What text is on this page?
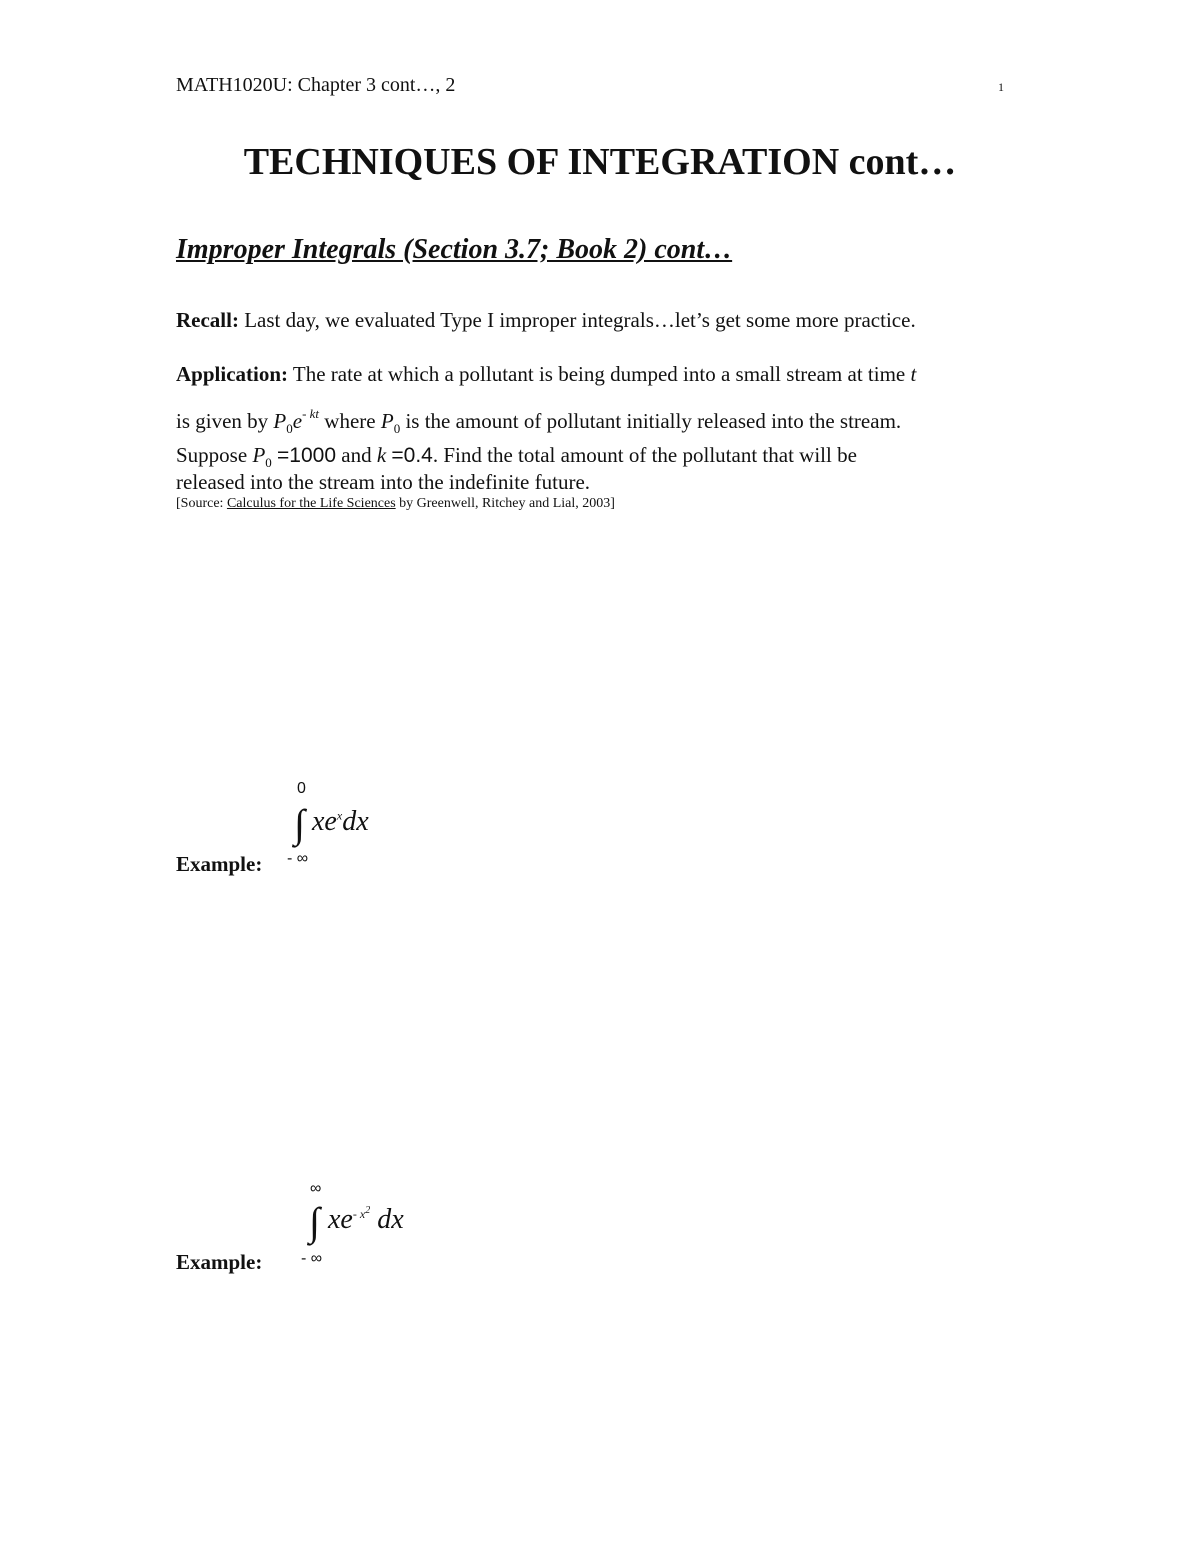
MATH1020U: Chapter 3 cont…, 2	1
TECHNIQUES OF INTEGRATION cont…
Improper Integrals (Section 3.7; Book 2) cont…
Recall: Last day, we evaluated Type I improper integrals…let’s get some more practice.
Application: The rate at which a pollutant is being dumped into a small stream at time t
is given by $P_0e^{- kt}$ where $P_0$ is the amount of pollutant initially released into the stream.
Suppose $P_0 =1000$ and k =0.4. Find the total amount of the pollutant that will be
released into the stream into the indefinite future.
[Source: Calculus for the Life Sciences by Greenwell, Ritchey and Lial, 2003]
Example:
0
∫ $xe^xdx$
- ∞
Example:
∞
∫ $xe^{- x^2}$ dx
- ∞
